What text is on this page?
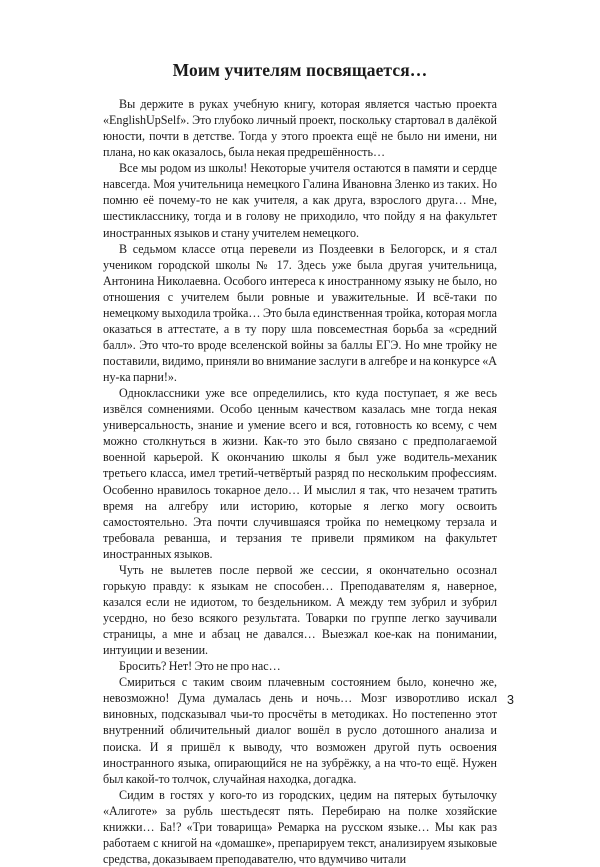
Моим учителям посвящается…

Вы держите в руках учебную книгу, которая является частью проекта «EnglishUpSelf». Это глубоко личный проект, поскольку стартовал в далёкой юности, почти в детстве. Тогда у этого проекта ещё не было ни имени, ни плана, но как оказалось, была некая предрешённость…

Все мы родом из школы! Некоторые учителя остаются в памяти и сердце навсегда. Моя учительница немецкого Галина Ивановна Зленко из таких. Но помню её почему-то не как учителя, а как друга, взрослого друга… Мне, шестикласснику, тогда и в голову не приходило, что пойду я на факультет иностранных языков и стану учителем немецкого.

В седьмом классе отца перевели из Поздеевки в Белогорск, и я стал учеником городской школы № 17. Здесь уже была другая учительница, Антонина Николаевна. Особого интереса к иностранному языку не было, но отношения с учителем были ровные и уважительные. И всё-таки по немецкому выходила тройка… Это была единственная тройка, которая могла оказаться в аттестате, а в ту пору шла повсеместная борьба за «средний балл». Это что-то вроде вселенской войны за баллы ЕГЭ. Но мне тройку не поставили, видимо, приняли во внимание заслуги в алгебре и на конкурсе «А ну-ка парни!».

Одноклассники уже все определились, кто куда поступает, я же весь извёлся сомнениями. Особо ценным качеством казалась мне тогда некая универсальность, знание и умение всего и вся, готовность ко всему, с чем можно столкнуться в жизни. Как-то это было связано с предполагаемой военной карьерой. К окончанию школы я был уже водитель-механик третьего класса, имел третий-четвёртый разряд по нескольким профессиям. Особенно нравилось токарное дело… И мыслил я так, что незачем тратить время на алгебру или историю, которые я легко могу освоить самостоятельно. Эта почти случившаяся тройка по немецкому терзала и требовала реванша, и терзания те привели прямиком на факультет иностранных языков.

Чуть не вылетев после первой же сессии, я окончательно осознал горькую правду: к языкам не способен… Преподавателям я, наверное, казался если не идиотом, то бездельником. А между тем зубрил и зубрил усердно, но безо всякого результата. Товарки по группе легко заучивали страницы, а мне и абзац не давался… Выезжал кое-как на понимании, интуиции и везении.

Бросить? Нет! Это не про нас…

Смириться с таким своим плачевным состоянием было, конечно же, невозможно! Дума думалась день и ночь… Мозг изворотливо искал виновных, подсказывал чьи-то просчёты в методиках. Но постепенно этот внутренний обличительный диалог вошёл в русло дотошного анализа и поиска. И я пришёл к выводу, что возможен другой путь освоения иностранного языка, опирающийся не на зубрёжку, а на что-то ещё. Нужен был какой-то толчок, случайная находка, догадка.

Сидим в гостях у кого-то из городских, цедим на пятерых бутылочку «Алиготе» за рубль шестьдесят пять. Перебираю на полке хозяйские книжки… Ба!? «Три товарища» Ремарка на русском языке… Мы как раз работаем с книгой на «домашке», препарируем текст, анализируем языковые средства, доказываем преподавателю, что вдумчиво читали

3
